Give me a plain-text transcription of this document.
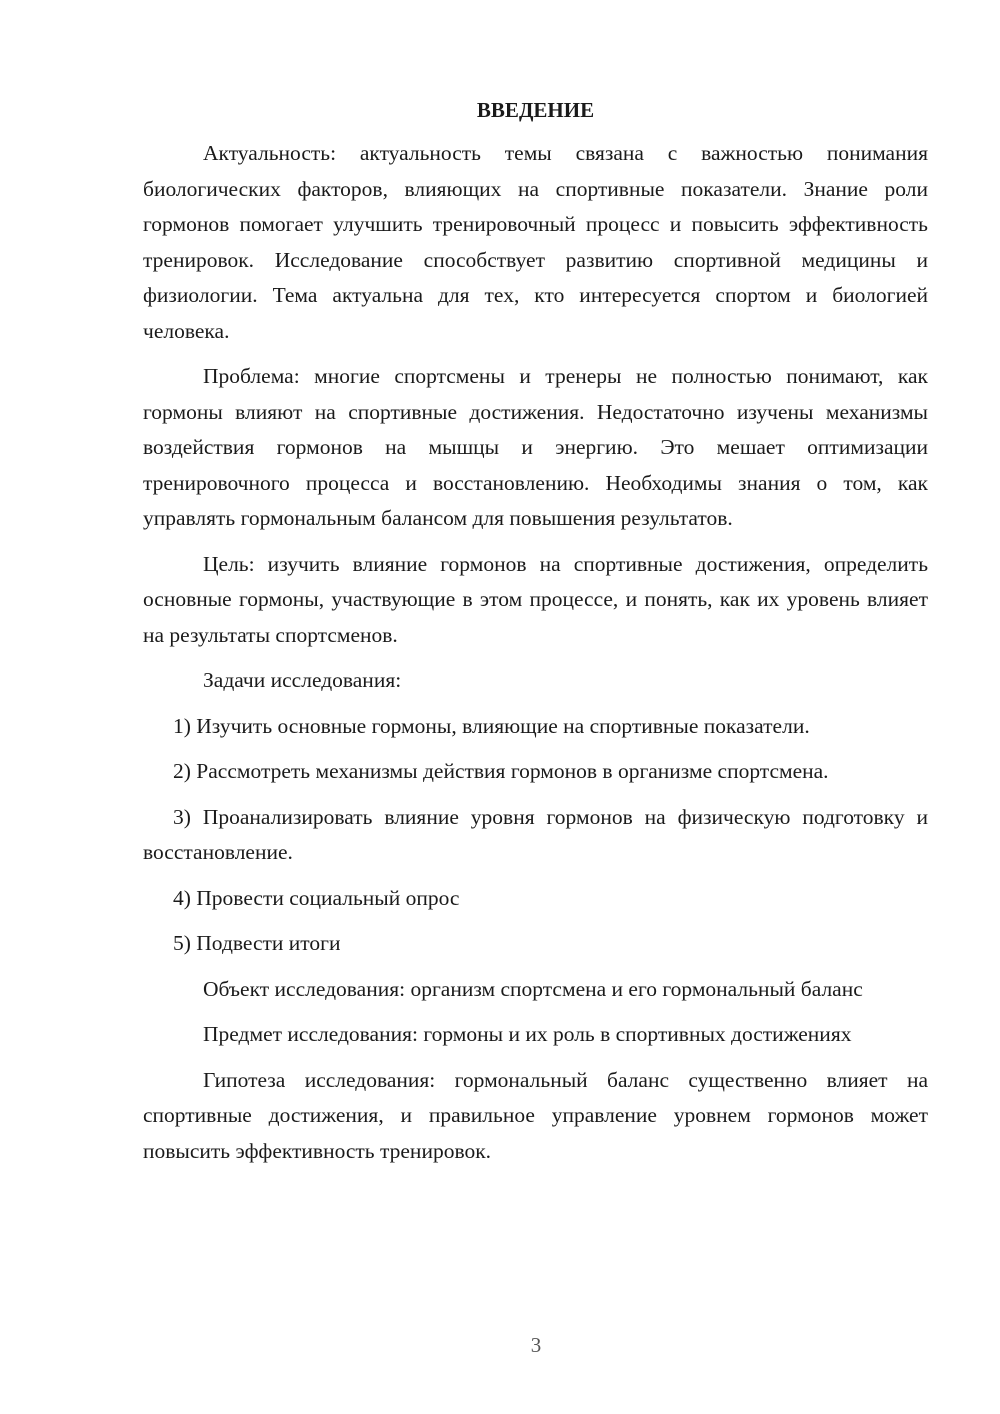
ВВЕДЕНИЕ

Актуальность: актуальность темы связана с важностью понимания биологических факторов, влияющих на спортивные показатели. Знание роли гормонов помогает улучшить тренировочный процесс и повысить эффективность тренировок. Исследование способствует развитию спортивной медицины и физиологии. Тема актуальна для тех, кто интересуется спортом и биологией человека.

Проблема: многие спортсмены и тренеры не полностью понимают, как гормоны влияют на спортивные достижения. Недостаточно изучены механизмы воздействия гормонов на мышцы и энергию. Это мешает оптимизации тренировочного процесса и восстановлению. Необходимы знания о том, как управлять гормональным балансом для повышения результатов.

Цель: изучить влияние гормонов на спортивные достижения, определить основные гормоны, участвующие в этом процессе, и понять, как их уровень влияет на результаты спортсменов.

Задачи исследования:

1) Изучить основные гормоны, влияющие на спортивные показатели.

2) Рассмотреть механизмы действия гормонов в организме спортсмена.

3) Проанализировать влияние уровня гормонов на физическую подготовку и восстановление.

4) Провести социальный опрос

5) Подвести итоги

Объект исследования: организм спортсмена и его гормональный баланс

Предмет исследования: гормоны и их роль в спортивных достижениях

Гипотеза исследования: гормональный баланс существенно влияет на спортивные достижения, и правильное управление уровнем гормонов может повысить эффективность тренировок.

3
